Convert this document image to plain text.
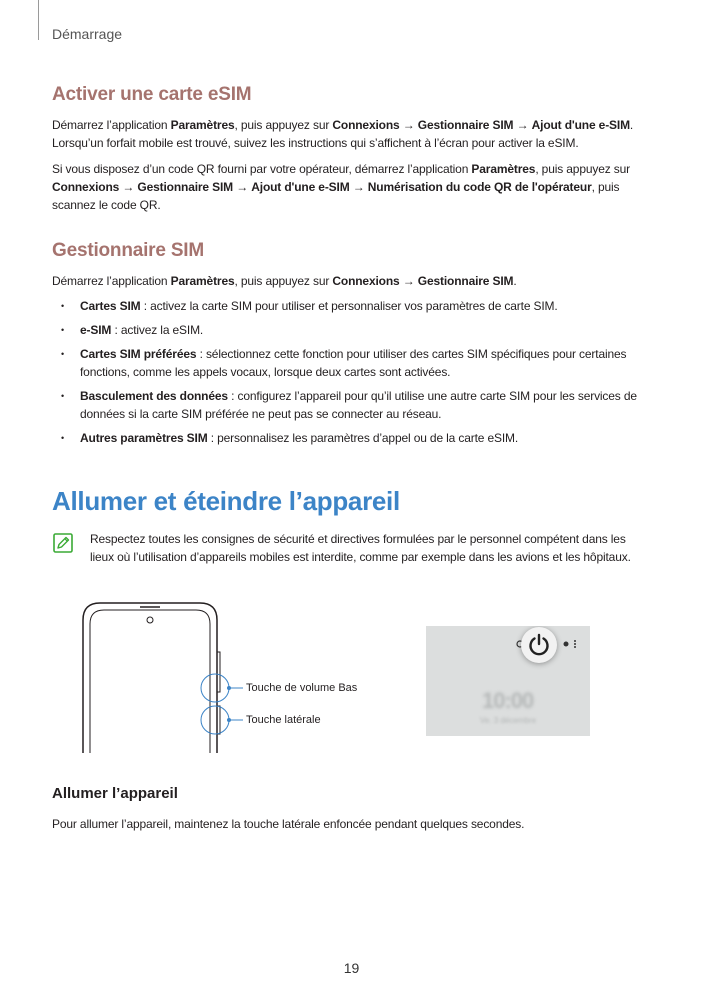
Démarrage
Activer une carte eSIM

Démarrez l’application Paramètres, puis appuyez sur Connexions → Gestionnaire SIM → Ajout d'une e-SIM. Lorsqu’un forfait mobile est trouvé, suivez les instructions qui s’affichent à l’écran pour activer la eSIM.

Si vous disposez d’un code QR fourni par votre opérateur, démarrez l’application Paramètres, puis appuyez sur Connexions → Gestionnaire SIM → Ajout d'une e-SIM → Numérisation du code QR de l'opérateur, puis scannez le code QR.

Gestionnaire SIM

Démarrez l’application Paramètres, puis appuyez sur Connexions → Gestionnaire SIM.

• Cartes SIM : activez la carte SIM pour utiliser et personnaliser vos paramètres de carte SIM.
• e-SIM : activez la eSIM.
• Cartes SIM préférées : sélectionnez cette fonction pour utiliser des cartes SIM spécifiques pour certaines fonctions, comme les appels vocaux, lorsque deux cartes sont activées.
• Basculement des données : configurez l’appareil pour qu’il utilise une autre carte SIM pour les services de données si la carte SIM préférée ne peut pas se connecter au réseau.
• Autres paramètres SIM : personnalisez les paramètres d’appel ou de la carte eSIM.
Allumer et éteindre l’appareil

Respectez toutes les consignes de sécurité et directives formulées par le personnel compétent dans les lieux où l’utilisation d’appareils mobiles est interdite, comme par exemple dans les avions et les hôpitaux.

Touche de volume Bas
Touche latérale
10:00
Ve. 3 décembre
Allumer l’appareil

Pour allumer l’appareil, maintenez la touche latérale enfoncée pendant quelques secondes.

19
